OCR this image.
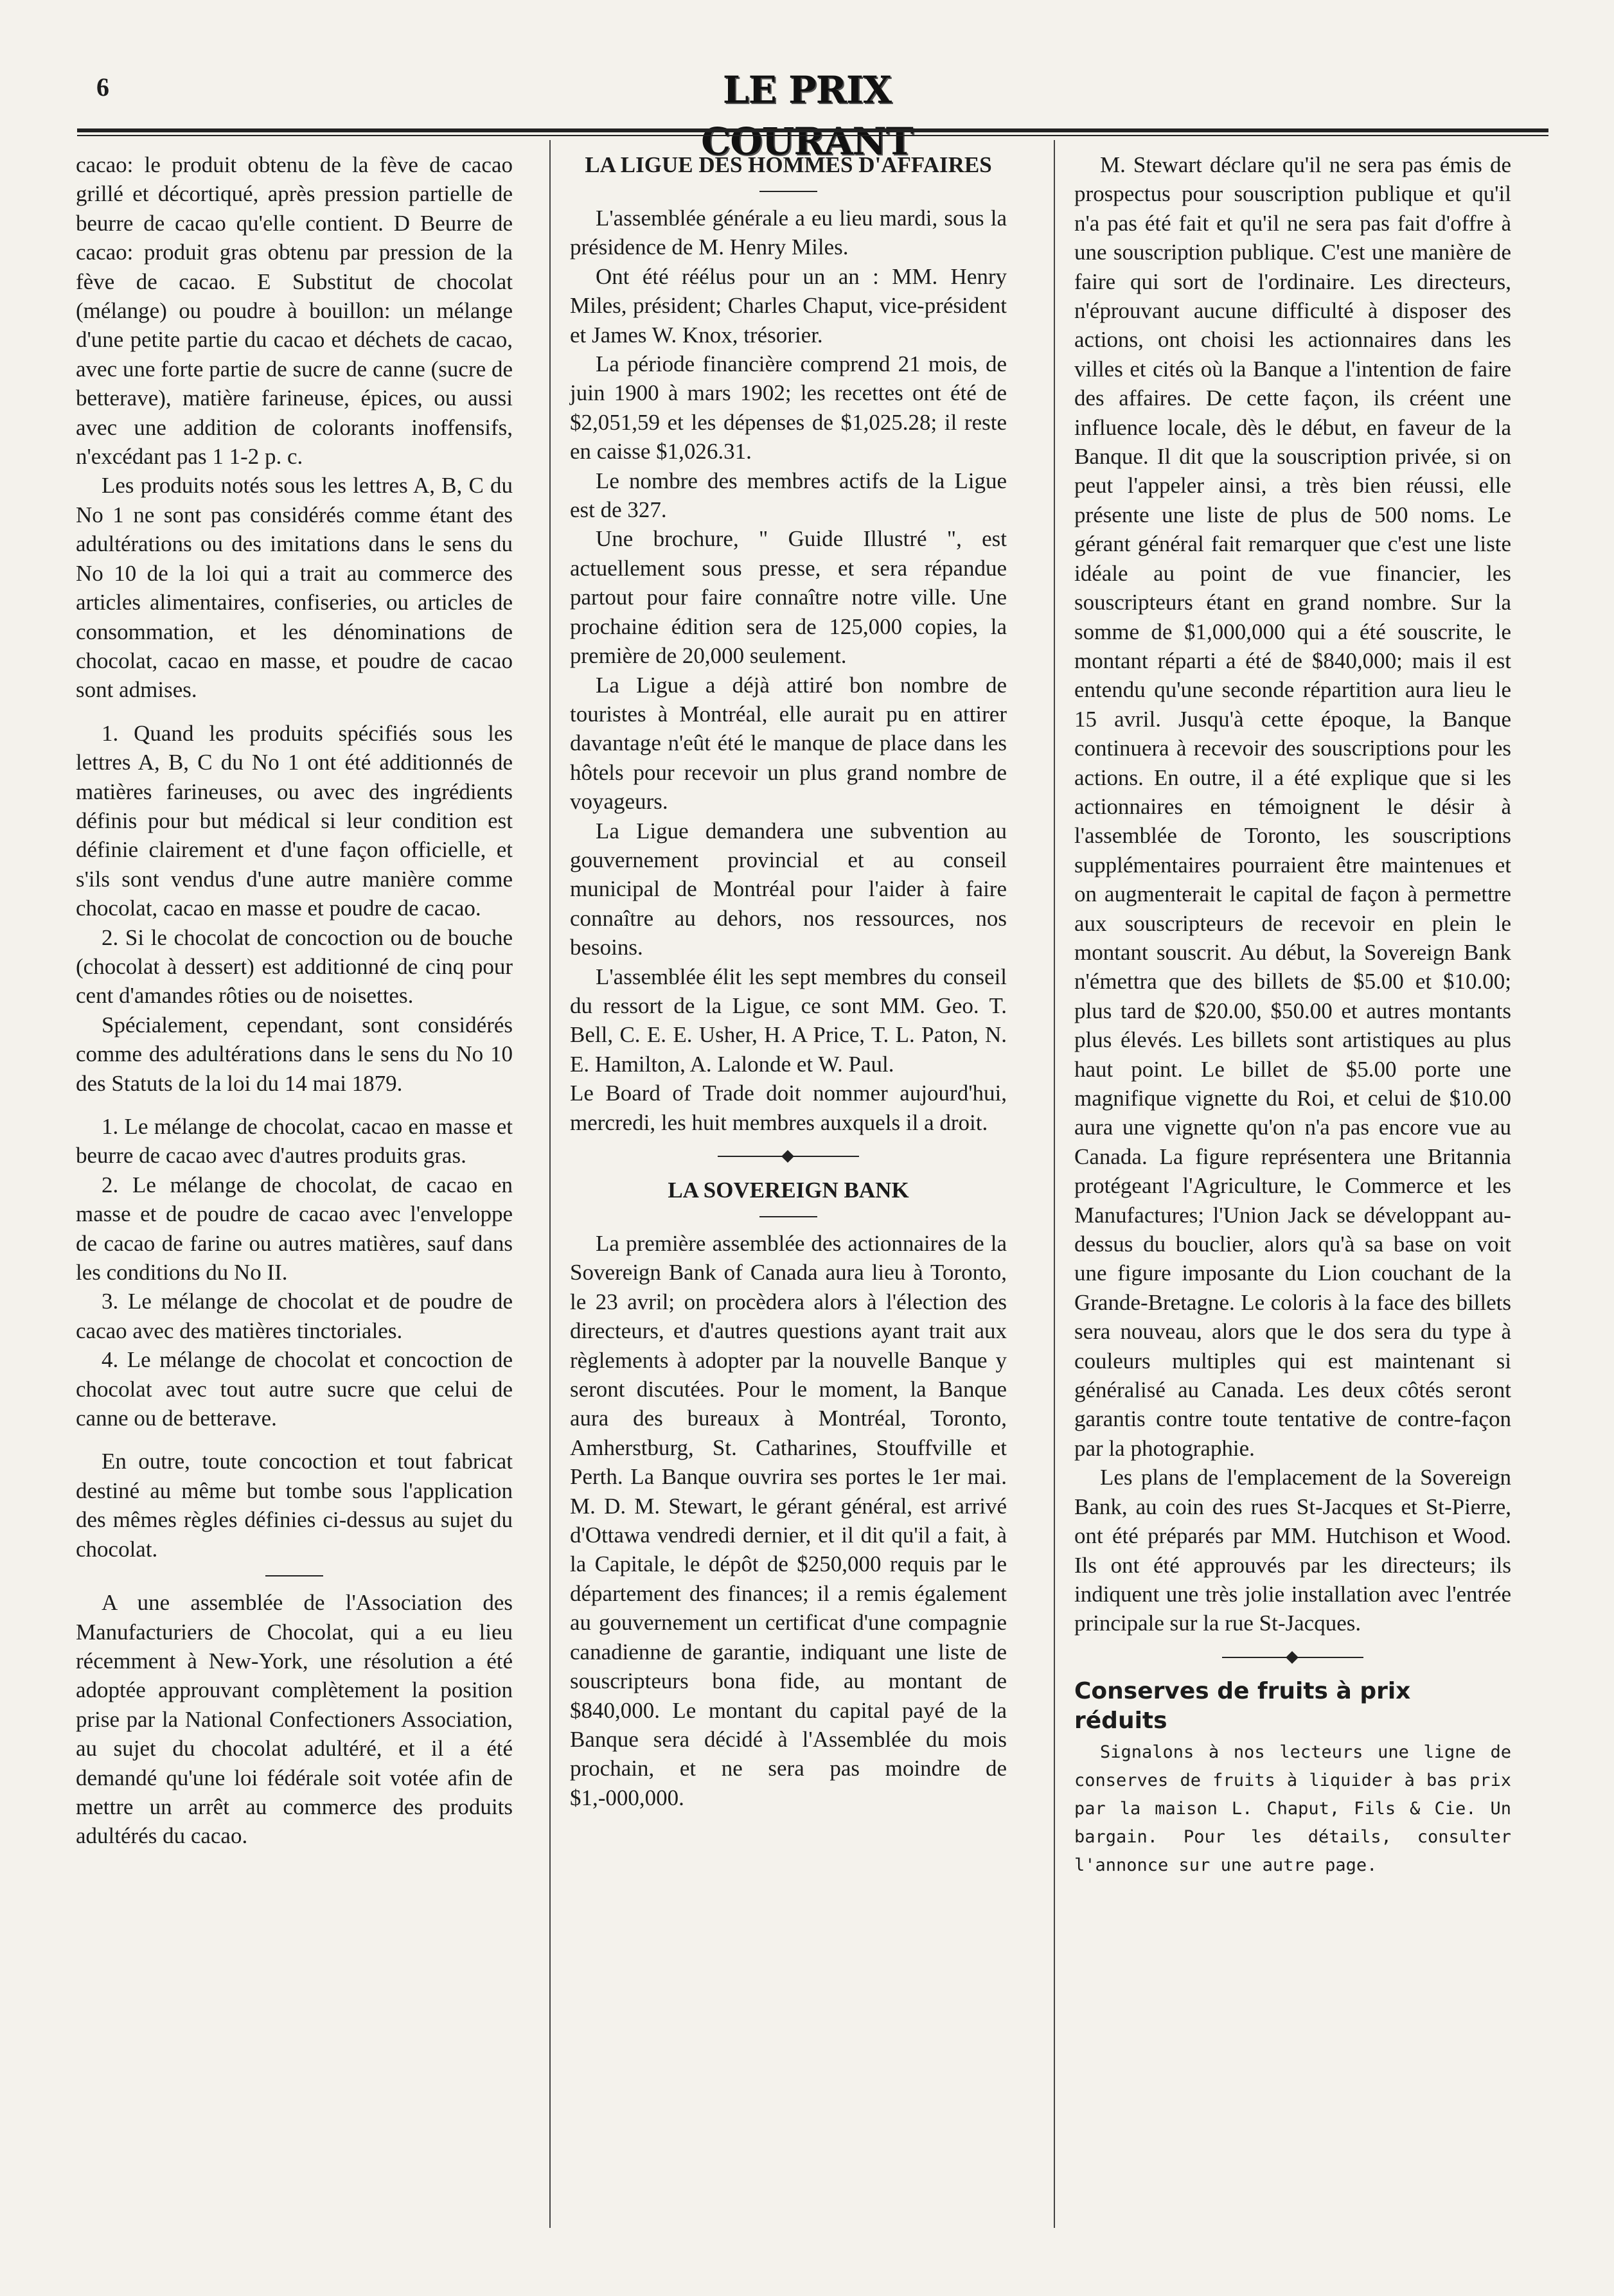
6	LE PRIX COURANT

cacao: le produit obtenu de la fève de cacao grillé et décortiqué, après pression partielle de beurre de cacao qu'elle contient. D Beurre de cacao: produit gras obtenu par pression de la fève de cacao. E Substitut de chocolat (mélange) ou poudre à bouillon: un mélange d'une petite partie du cacao et déchets de cacao, avec une forte partie de sucre de canne (sucre de betterave), matière farineuse, épices, ou aussi avec une addition de colorants inoffensifs, n'excédant pas 1 1-2 p. c.

Les produits notés sous les lettres A, B, C du No 1 ne sont pas considérés comme étant des adultérations ou des imitations dans le sens du No 10 de la loi qui a trait au commerce des articles alimentaires, confiseries, ou articles de consommation, et les dénominations de chocolat, cacao en masse, et poudre de cacao sont admises.

1. Quand les produits spécifiés sous les lettres A, B, C du No 1 ont été additionnés de matières farineuses, ou avec des ingrédients définis pour but médical si leur condition est définie clairement et d'une façon officielle, et s'ils sont vendus d'une autre manière comme chocolat, cacao en masse et poudre de cacao.

2. Si le chocolat de concoction ou de bouche (chocolat à dessert) est additionné de cinq pour cent d'amandes rôties ou de noisettes.

Spécialement, cependant, sont considérés comme des adultérations dans le sens du No 10 des Statuts de la loi du 14 mai 1879.

1. Le mélange de chocolat, cacao en masse et beurre de cacao avec d'autres produits gras.

2. Le mélange de chocolat, de cacao en masse et de poudre de cacao avec l'enveloppe de cacao de farine ou autres matières, sauf dans les conditions du No II.

3. Le mélange de chocolat et de poudre de cacao avec des matières tinctoriales.

4. Le mélange de chocolat et concoction de chocolat avec tout autre sucre que celui de canne ou de betterave.

En outre, toute concoction et tout fabricat destiné au même but tombe sous l'application des mêmes règles définies ci-dessus au sujet du chocolat.

A une assemblée de l'Association des Manufacturiers de Chocolat, qui a eu lieu récemment à New-York, une résolution a été adoptée approuvant complètement la position prise par la National Confectioners Association, au sujet du chocolat adultéré, et il a été demandé qu'une loi fédérale soit votée afin de mettre un arrêt au commerce des produits adultérés du cacao.

LA LIGUE DES HOMMES D'AFFAIRES

L'assemblée générale a eu lieu mardi, sous la présidence de M. Henry Miles.

Ont été réélus pour un an : MM. Henry Miles, président; Charles Chaput, vice-président et James W. Knox, trésorier.

La période financière comprend 21 mois, de juin 1900 à mars 1902; les recettes ont été de $2,051,59 et les dépenses de $1,025.28; il reste en caisse $1,026.31.

Le nombre des membres actifs de la Ligue est de 327.

Une brochure, " Guide Illustré ", est actuellement sous presse, et sera répandue partout pour faire connaître notre ville. Une prochaine édition sera de 125,000 copies, la première de 20,000 seulement.

La Ligue a déjà attiré bon nombre de touristes à Montréal, elle aurait pu en attirer davantage n'eût été le manque de place dans les hôtels pour recevoir un plus grand nombre de voyageurs.

La Ligue demandera une subvention au gouvernement provincial et au conseil municipal de Montréal pour l'aider à faire connaître au dehors, nos ressources, nos besoins.

L'assemblée élit les sept membres du conseil du ressort de la Ligue, ce sont MM. Geo. T. Bell, C. E. E. Usher, H. A Price, T. L. Paton, N. E. Hamilton, A. Lalonde et W. Paul.

Le Board of Trade doit nommer aujourd'hui, mercredi, les huit membres auxquels il a droit.

LA SOVEREIGN BANK

La première assemblée des actionnaires de la Sovereign Bank of Canada aura lieu à Toronto, le 23 avril; on procèdera alors à l'élection des directeurs, et d'autres questions ayant trait aux règlements à adopter par la nouvelle Banque y seront discutées. Pour le moment, la Banque aura des bureaux à Montréal, Toronto, Amherstburg, St. Catharines, Stouffville et Perth. La Banque ouvrira ses portes le 1er mai. M. D. M. Stewart, le gérant général, est arrivé d'Ottawa vendredi dernier, et il dit qu'il a fait, à la Capitale, le dépôt de $250,000 requis par le département des finances; il a remis également au gouvernement un certificat d'une compagnie canadienne de garantie, indiquant une liste de souscripteurs bona fide, au montant de $840,000. Le montant du capital payé de la Banque sera décidé à l'Assemblée du mois prochain, et ne sera pas moindre de $1,-000,000.

M. Stewart déclare qu'il ne sera pas émis de prospectus pour souscription publique et qu'il n'a pas été fait et qu'il ne sera pas fait d'offre à une souscription publique. C'est une manière de faire qui sort de l'ordinaire. Les directeurs, n'éprouvant aucune difficulté à disposer des actions, ont choisi les actionnaires dans les villes et cités où la Banque a l'intention de faire des affaires. De cette façon, ils créent une influence locale, dès le début, en faveur de la Banque. Il dit que la souscription privée, si on peut l'appeler ainsi, a très bien réussi, elle présente une liste de plus de 500 noms. Le gérant général fait remarquer que c'est une liste idéale au point de vue financier, les souscripteurs étant en grand nombre. Sur la somme de $1,000,000 qui a été souscrite, le montant réparti a été de $840,000; mais il est entendu qu'une seconde répartition aura lieu le 15 avril. Jusqu'à cette époque, la Banque continuera à recevoir des souscriptions pour les actions. En outre, il a été explique que si les actionnaires en témoignent le désir à l'assemblée de Toronto, les souscriptions supplémentaires pourraient être maintenues et on augmenterait le capital de façon à permettre aux souscripteurs de recevoir en plein le montant souscrit. Au début, la Sovereign Bank n'émettra que des billets de $5.00 et $10.00; plus tard de $20.00, $50.00 et autres montants plus élevés. Les billets sont artistiques au plus haut point. Le billet de $5.00 porte une magnifique vignette du Roi, et celui de $10.00 aura une vignette qu'on n'a pas encore vue au Canada. La figure représentera une Britannia protégeant l'Agriculture, le Commerce et les Manufactures; l'Union Jack se développant au-dessus du bouclier, alors qu'à sa base on voit une figure imposante du Lion couchant de la Grande-Bretagne. Le coloris à la face des billets sera nouveau, alors que le dos sera du type à couleurs multiples qui est maintenant si généralisé au Canada. Les deux côtés seront garantis contre toute tentative de contre-façon par la photographie.

Les plans de l'emplacement de la Sovereign Bank, au coin des rues St-Jacques et St-Pierre, ont été préparés par MM. Hutchison et Wood. Ils ont été approuvés par les directeurs; ils indiquent une très jolie installation avec l'entrée principale sur la rue St-Jacques.

Conserves de fruits à prix réduits

Signalons à nos lecteurs une ligne de conserves de fruits à liquider à bas prix par la maison L. Chaput, Fils & Cie. Un bargain. Pour les détails, consulter l'annonce sur une autre page.
